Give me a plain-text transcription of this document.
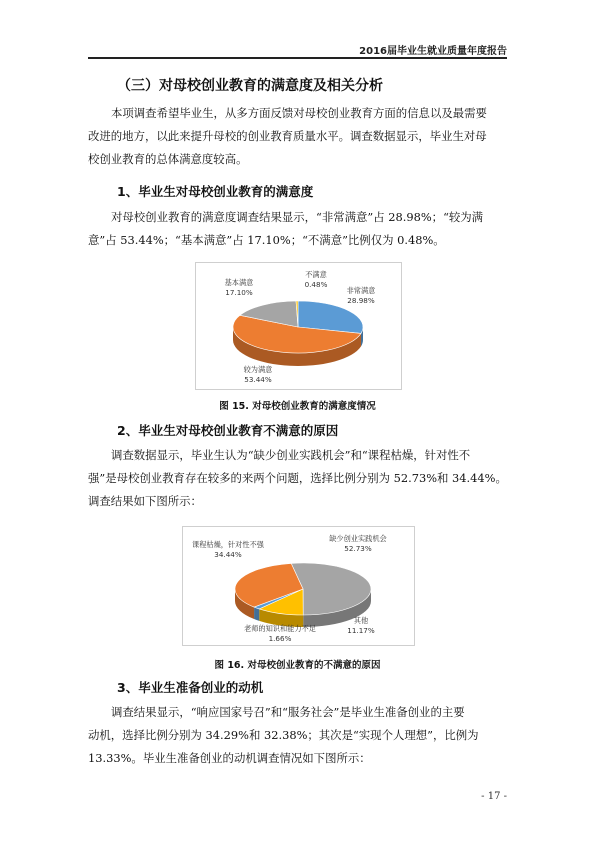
2016届毕业生就业质量年度报告
（三）对母校创业教育的满意度及相关分析
本项调查希望毕业生，从多方面反馈对母校创业教育方面的信息以及最需要
改进的地方，以此来提升母校的创业教育质量水平。调查数据显示，毕业生对母
校创业教育的总体满意度较高。
1、毕业生对母校创业教育的满意度
对母校创业教育的满意度调查结果显示，“非常满意”占 28.98%；“较为满
意”占 53.44%；“基本满意”占 17.10%；“不满意”比例仅为 0.48%。
不满意
0.48%
非常满意
28.98%
基本满意
17.10%
较为满意
53.44%
图 15. 对母校创业教育的满意度情况
2、毕业生对母校创业教育不满意的原因
调查数据显示，毕业生认为“缺少创业实践机会”和“课程枯燥，针对性不
强”是母校创业教育存在较多的来两个问题，选择比例分别为 52.73%和 34.44%。
调查结果如下图所示：
缺少创业实践机会
52.73%
课程枯燥，针对性不强
34.44%
其他
11.17%
老师的知识和能力不足
1.66%
图 16. 对母校创业教育的不满意的原因
3、毕业生准备创业的动机
调查结果显示，“响应国家号召”和“服务社会”是毕业生准备创业的主要
动机，选择比例分别为 34.29%和 32.38%；其次是“实现个人理想”，比例为
13.33%。毕业生准备创业的动机调查情况如下图所示：
- 17 -
